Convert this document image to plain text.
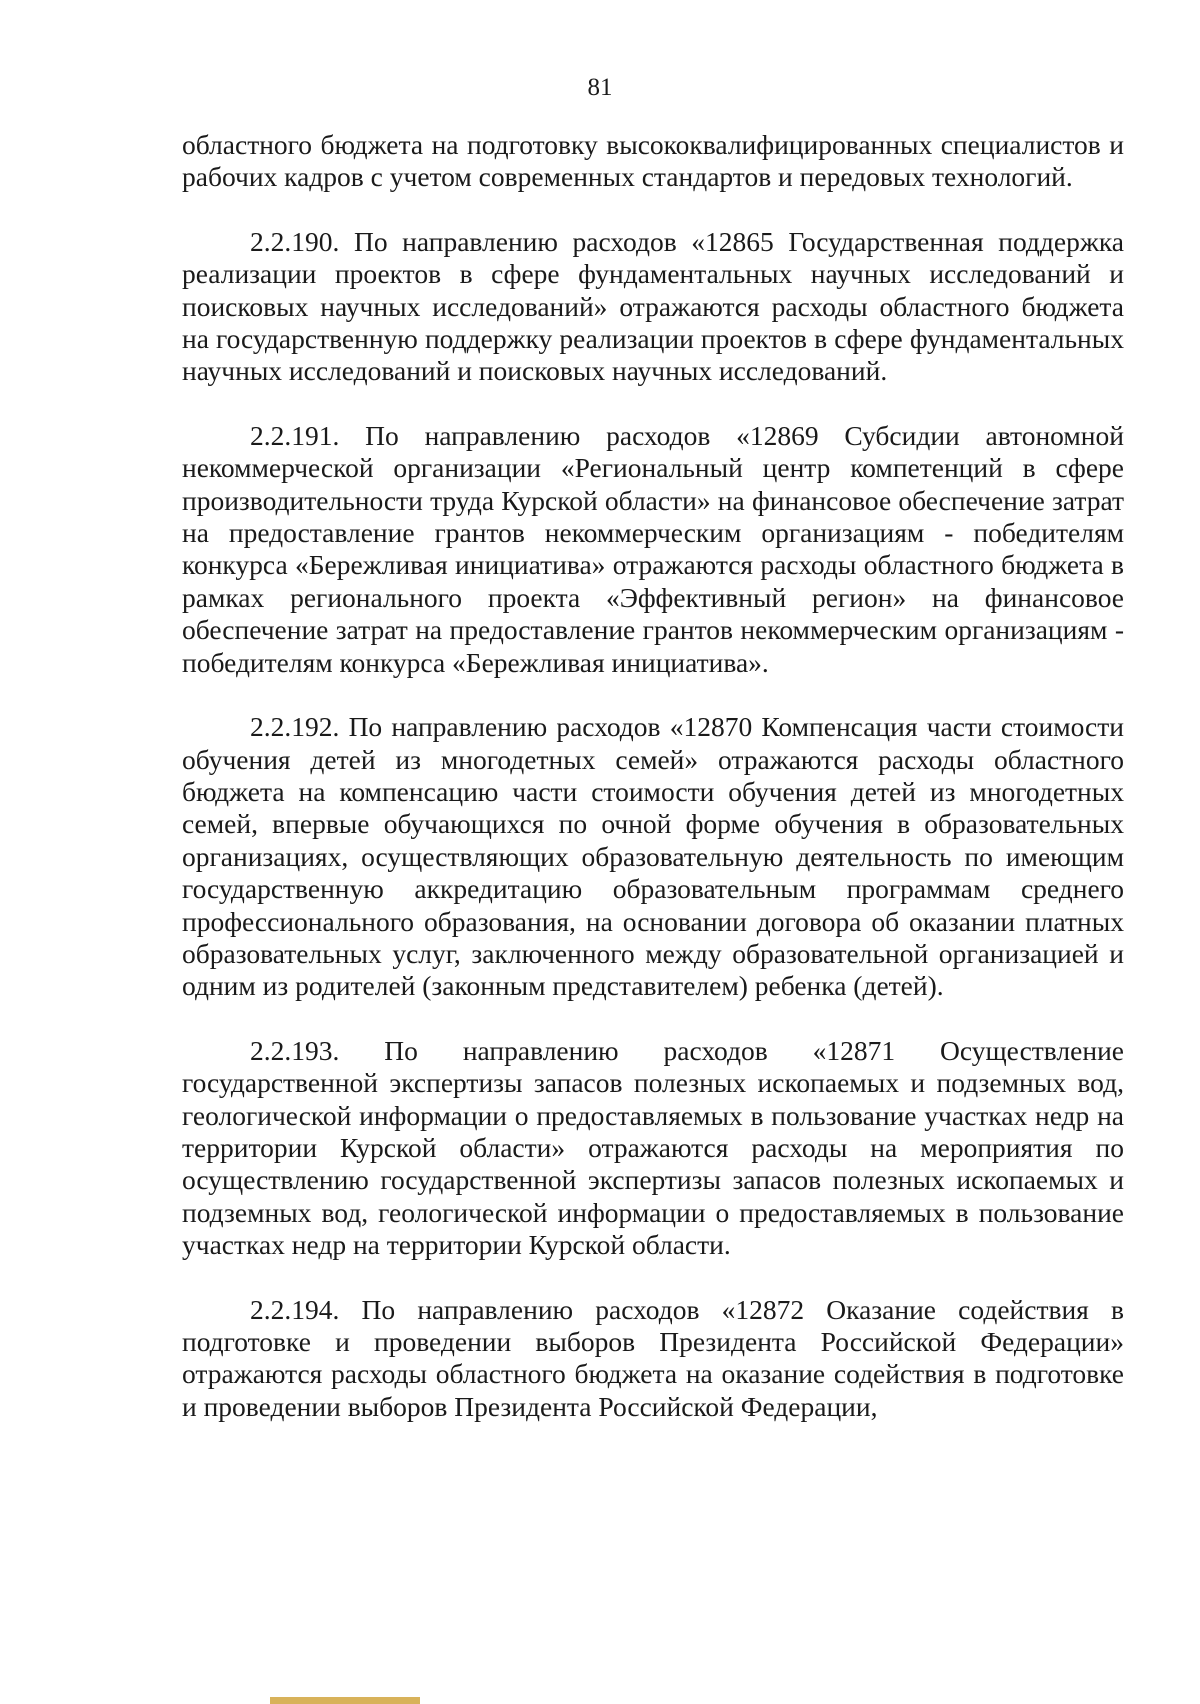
81

областного бюджета на подготовку высококвалифицированных специалистов и рабочих кадров с учетом современных стандартов и передовых технологий.

2.2.190. По направлению расходов «12865 Государственная поддержка реализации проектов в сфере фундаментальных научных исследований и поисковых научных исследований» отражаются расходы областного бюджета на государственную поддержку реализации проектов в сфере фундаментальных научных исследований и поисковых научных исследований.

2.2.191. По направлению расходов «12869 Субсидии автономной некоммерческой организации «Региональный центр компетенций в сфере производительности труда Курской области» на финансовое обеспечение затрат на предоставление грантов некоммерческим организациям - победителям конкурса «Бережливая инициатива» отражаются расходы областного бюджета в рамках регионального проекта «Эффективный регион» на финансовое обеспечение затрат на предоставление грантов некоммерческим организациям - победителям конкурса «Бережливая инициатива».

2.2.192. По направлению расходов «12870 Компенсация части стоимости обучения детей из многодетных семей» отражаются расходы областного бюджета на компенсацию части стоимости обучения детей из многодетных семей, впервые обучающихся по очной форме обучения в образовательных организациях, осуществляющих образовательную деятельность по имеющим государственную аккредитацию образовательным программам среднего профессионального образования, на основании договора об оказании платных образовательных услуг, заключенного между образовательной организацией и одним из родителей (законным представителем) ребенка (детей).

2.2.193. По направлению расходов «12871 Осуществление государственной экспертизы запасов полезных ископаемых и подземных вод, геологической информации о предоставляемых в пользование участках недр на территории Курской области» отражаются расходы на мероприятия по осуществлению государственной экспертизы запасов полезных ископаемых и подземных вод, геологической информации о предоставляемых в пользование участках недр на территории Курской области.

2.2.194. По направлению расходов «12872 Оказание содействия в подготовке и проведении выборов Президента Российской Федерации» отражаются расходы областного бюджета на оказание содействия в подготовке и проведении выборов Президента Российской Федерации,
